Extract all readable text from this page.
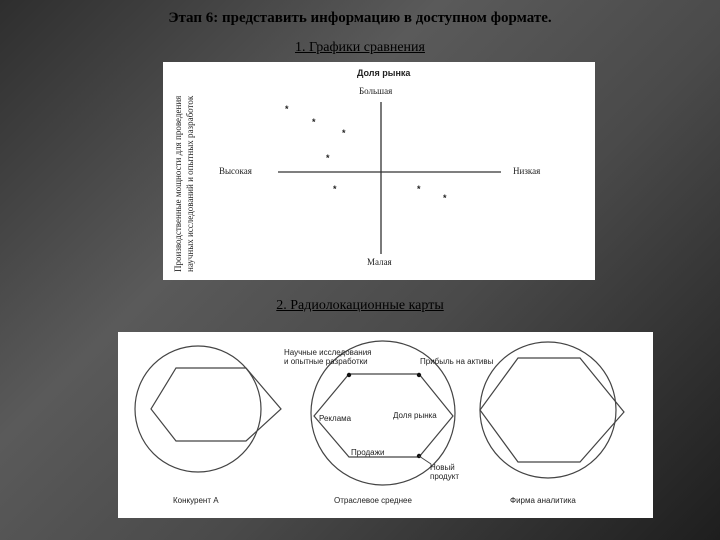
Этап 6: представить информацию в доступном формате.
1. Графики сравнения
Производственные мощности для проведения научных исследований и опытных разработок
Доля рынка
Большая
Высокая	Низкая
Малая
*
*
*
*
*	*
*
2. Радиолокационные карты
Научные исследования
и опытные разработки	Прибыль на активы
Реклама	Доля рынка
Продажи
Новый
продукт
Конкурент А	Отраслевое среднее	Фирма аналитика
